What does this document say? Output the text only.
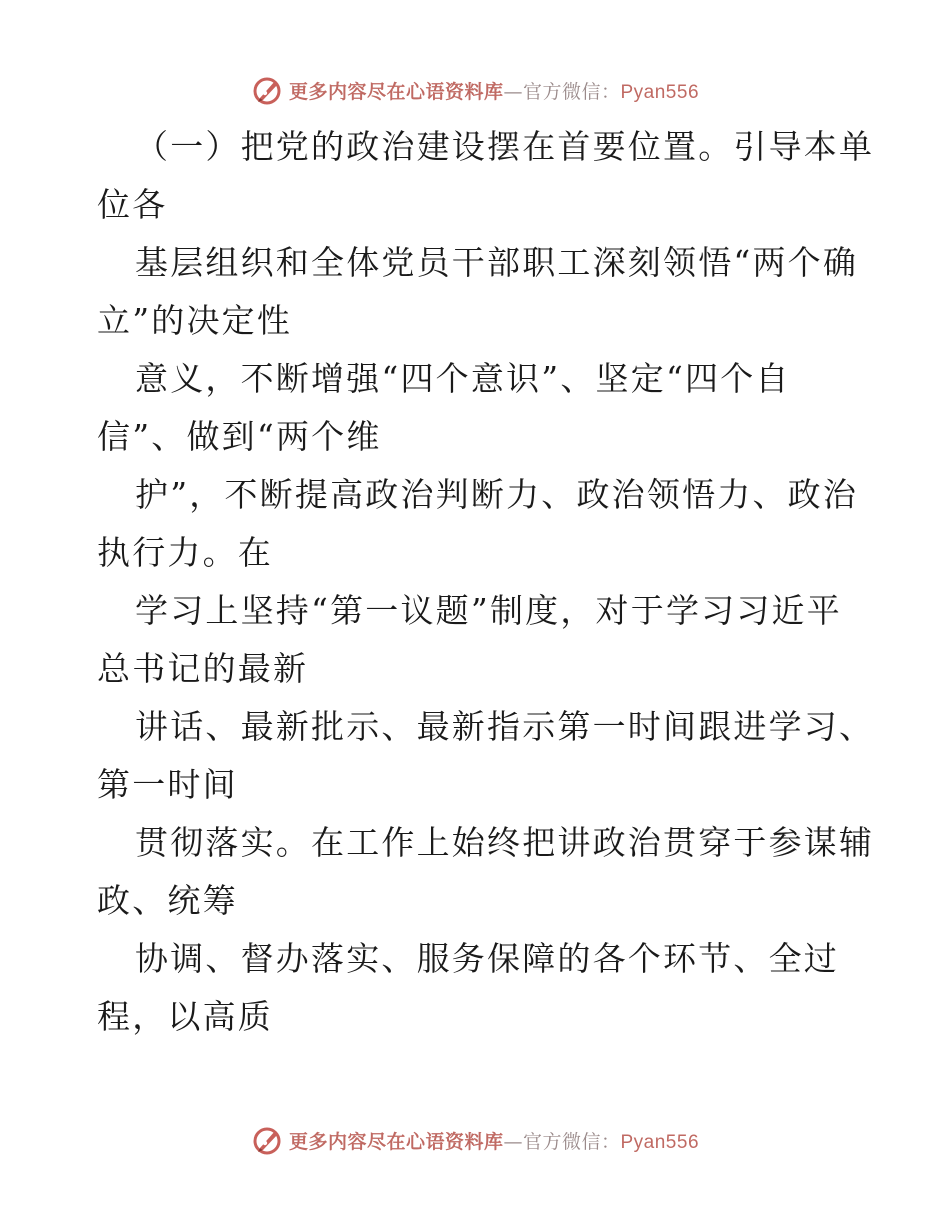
更多内容尽在心语资料库—官方微信：Pyan556
（一）把党的政治建设摆在首要位置。引导本单
位各
基层组织和全体党员干部职工深刻领悟“两个确
立”的决定性
意义，不断增强“四个意识”、坚定“四个自
信”、做到“两个维
护”，不断提高政治判断力、政治领悟力、政治
执行力。在
学习上坚持“第一议题”制度，对于学习习近平
总书记的最新
讲话、最新批示、最新指示第一时间跟进学习、
第一时间
贯彻落实。在工作上始终把讲政治贯穿于参谋辅
政、统筹
协调、督办落实、服务保障的各个环节、全过
程，以高质
更多内容尽在心语资料库—官方微信：Pyan556
